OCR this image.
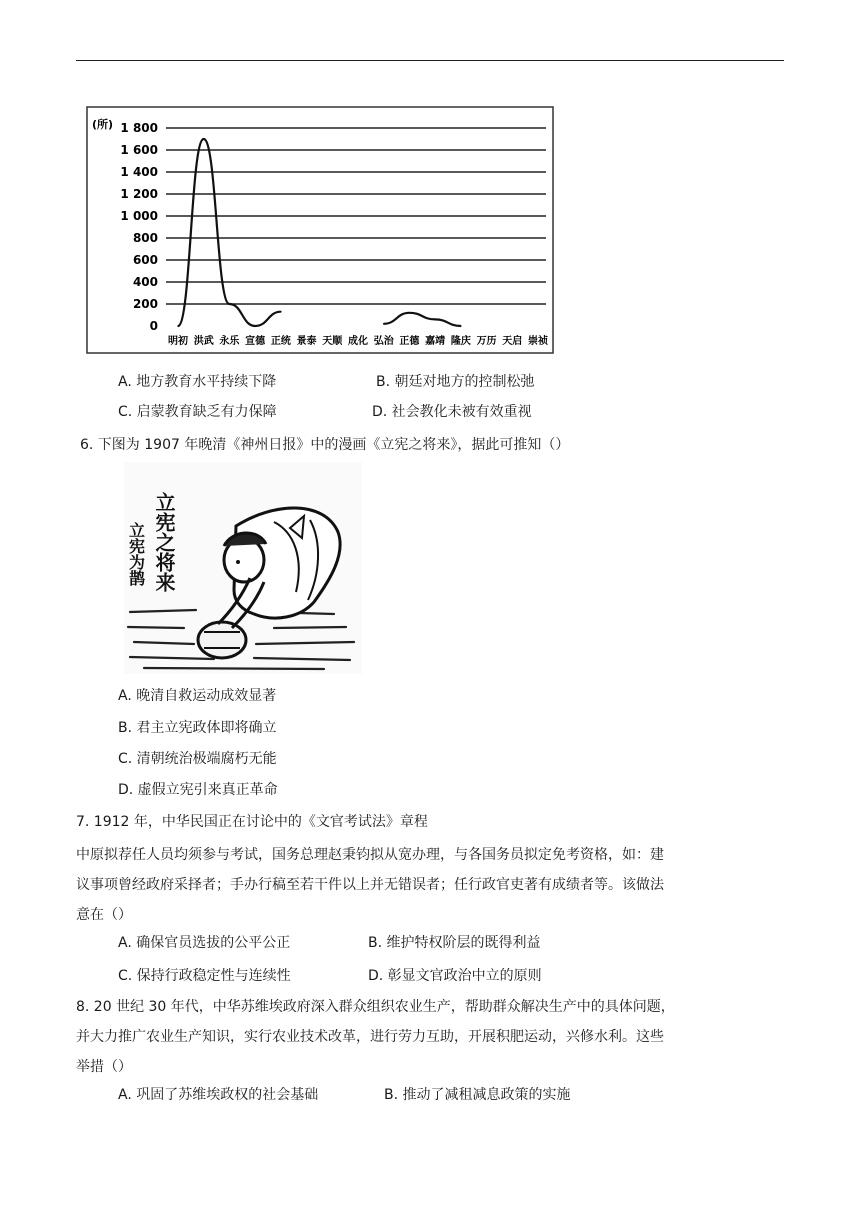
0
200
400
600
800
1 000
1 200
1 400
1 600
1 800
明初 洪武 永乐 宣德 正统 景泰 天顺 成化 弘治 正德 嘉靖 隆庆 万历 天启 崇祯
(所)
A. 地方教育水平持续下降	B. 朝廷对地方的控制松弛
C. 启蒙教育缺乏有力保障	D. 社会教化未被有效重视
6. 下图为 1907 年晚清《神州日报》中的漫画《立宪之将来》，据此可推知（）
立宪之将来
立宪为鹊
A. 晚清自救运动成效显著
B. 君主立宪政体即将确立
C. 清朝统治极端腐朽无能
D. 虚假立宪引来真正革命
7. 1912 年，中华民国正在讨论中的《文官考试法》章程
中原拟荐任人员均须参与考试，国务总理赵秉钧拟从宽办理，与各国务员拟定免考资格，如：建
议事项曾经政府采择者；手办行稿至若干件以上并无错误者；任行政官吏著有成绩者等。该做法
意在（）
A. 确保官员选拔的公平公正	B. 维护特权阶层的既得利益
C. 保持行政稳定性与连续性	D. 彰显文官政治中立的原则
8. 20 世纪 30 年代，中华苏维埃政府深入群众组织农业生产，帮助群众解决生产中的具体问题，
并大力推广农业生产知识，实行农业技术改革，进行劳力互助，开展积肥运动，兴修水利。这些
举措（）
A. 巩固了苏维埃政权的社会基础	B. 推动了减租减息政策的实施
